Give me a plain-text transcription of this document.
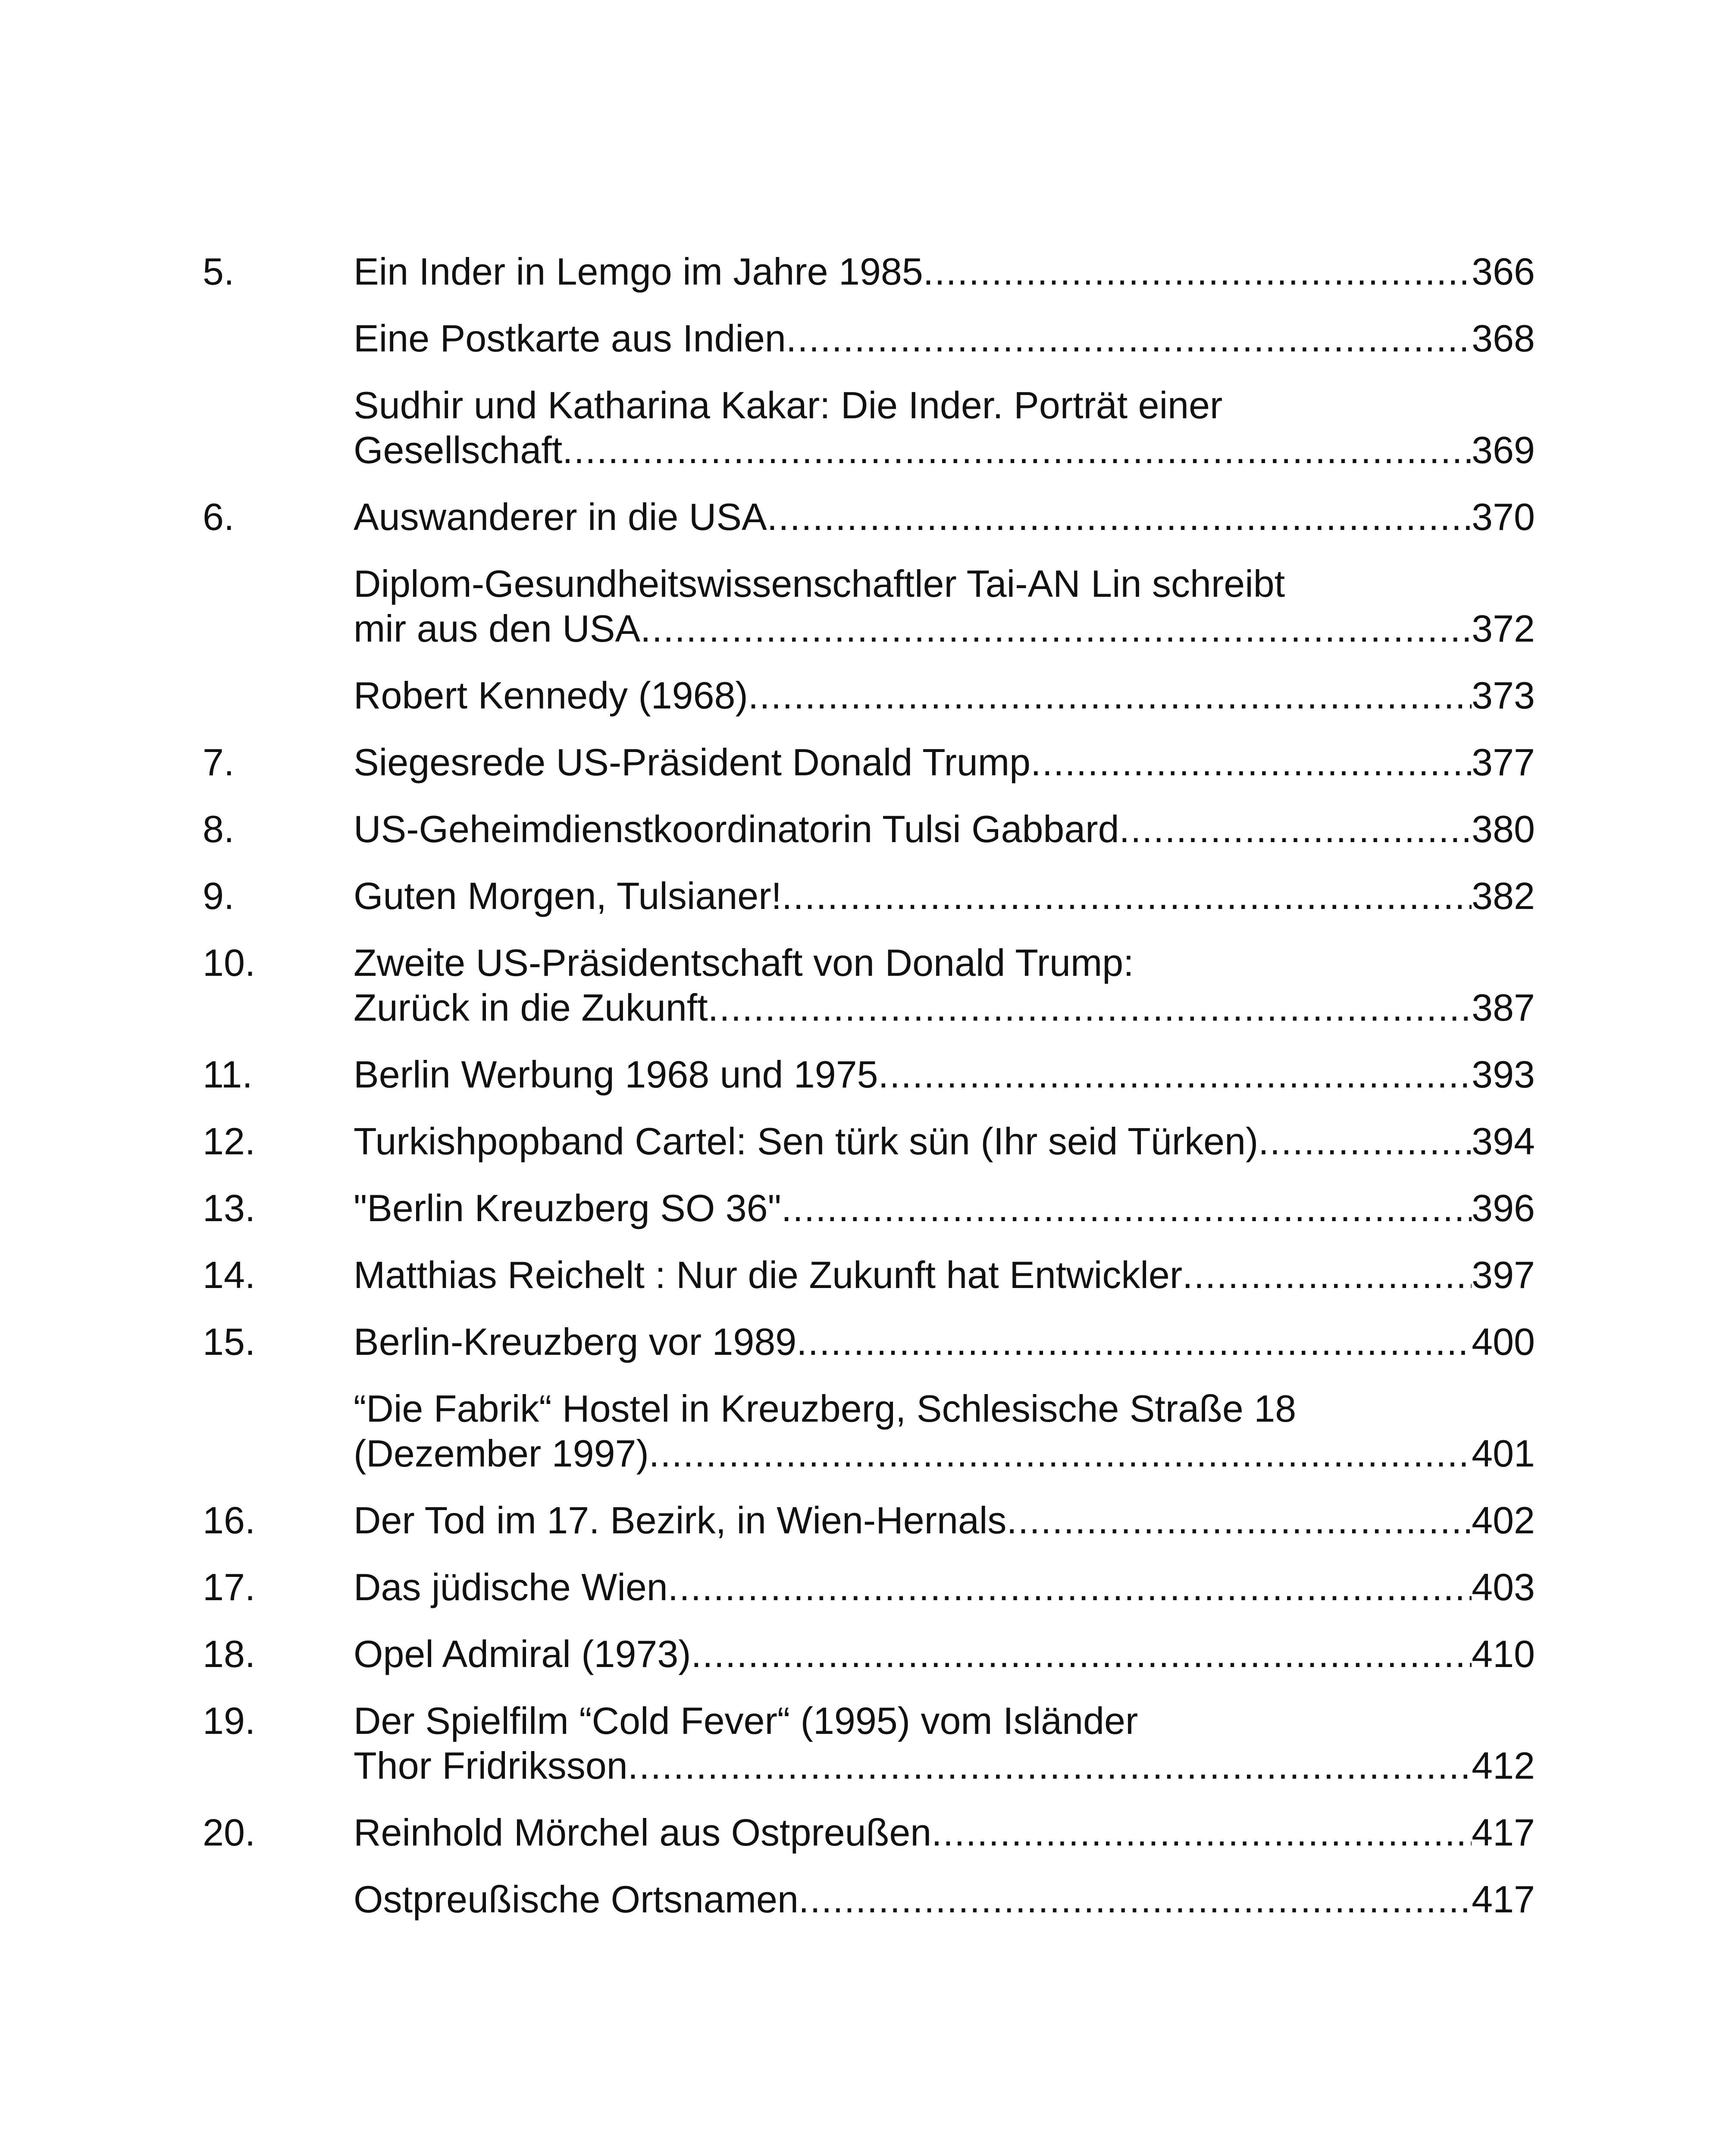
5.	Ein Inder in Lemgo im Jahre 1985 .....	366
Eine Postkarte aus Indien .....	368
Sudhir und Katharina Kakar: Die Inder. Porträt einer
Gesellschaft .....	369
6.	Auswanderer in die USA .....	370
Diplom-Gesundheitswissenschaftler Tai-AN Lin schreibt
mir aus den USA .....	372
Robert Kennedy (1968) .....	373
7.	Siegesrede US-Präsident Donald Trump .....	377
8.	US-Geheimdienstkoordinatorin Tulsi Gabbard .....	380
9.	Guten Morgen, Tulsianer! .....	382
10.	Zweite US-Präsidentschaft von Donald Trump:
Zurück in die Zukunft .....	387
11.	Berlin Werbung 1968 und 1975 .....	393
12.	Turkishpopband Cartel: Sen türk sün (Ihr seid Türken) .....	394
13.	"Berlin Kreuzberg SO 36" .....	396
14.	Matthias Reichelt : Nur die Zukunft hat Entwickler .....	397
15.	Berlin-Kreuzberg vor 1989 .....	400
“Die Fabrik“ Hostel in Kreuzberg, Schlesische Straße 18
(Dezember 1997) .....	401
16.	Der Tod im 17. Bezirk, in Wien-Hernals .....	402
17.	Das jüdische Wien .....	403
18.	Opel Admiral (1973) .....	410
19.	Der Spielfilm “Cold Fever“ (1995) vom Isländer
Thor Fridriksson .....	412
20.	Reinhold Mörchel aus Ostpreußen .....	417
Ostpreußische Ortsnamen .....	417
